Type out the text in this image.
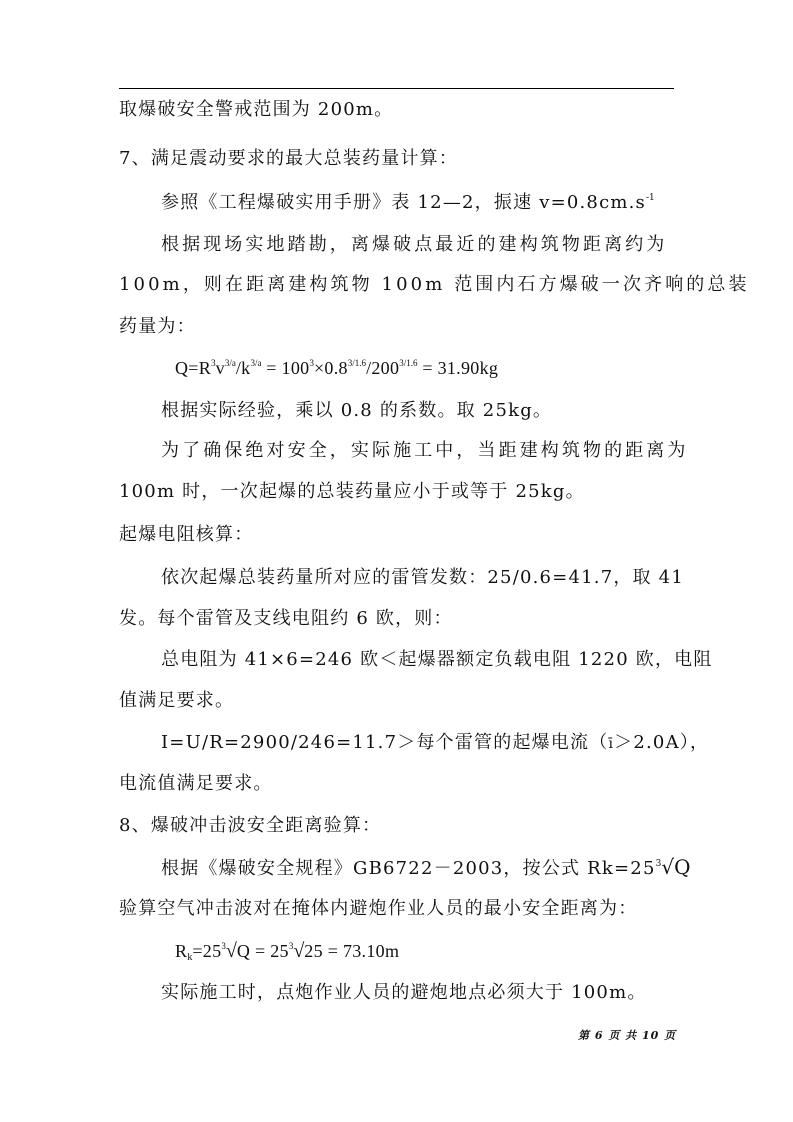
取爆破安全警戒范围为 200m。
7、满足震动要求的最大总装药量计算：
参照《工程爆破实用手册》表 12—2，振速 $v=0.8cm.s^{-1}$
根据现场实地踏勘，离爆破点最近的建构筑物距离约为
100m，则在距离建构筑物 100m 范围内石方爆破一次齐响的总装
药量为：
$Q=R^3v^{3/a}/k^{3/a} = 100^3\times 0.8^{3/1.6}/200^{3/1.6} = 31.90kg$
根据实际经验，乘以 0.8 的系数。取 25kg。
为了确保绝对安全，实际施工中，当距建构筑物的距离为
100m 时，一次起爆的总装药量应小于或等于 25kg。
起爆电阻核算：
依次起爆总装药量所对应的雷管发数：25/0.6=41.7，取 41
发。每个雷管及支线电阻约 6 欧，则：
总电阻为 41×6=246 欧＜起爆器额定负载电阻 1220 欧，电阻
值满足要求。
I=U/R=2900/246=11.7＞每个雷管的起爆电流（ī＞2.0A），
电流值满足要求。
8、爆破冲击波安全距离验算：
根据《爆破安全规程》GB6722－2003，按公式 $Rk=25^3√Q$
验算空气冲击波对在掩体内避炮作业人员的最小安全距离为：
$R_k=25^3√Q = 25^3√25 = 73.10m$
实际施工时，点炮作业人员的避炮地点必须大于 100m。
第 6 页 共 10 页
